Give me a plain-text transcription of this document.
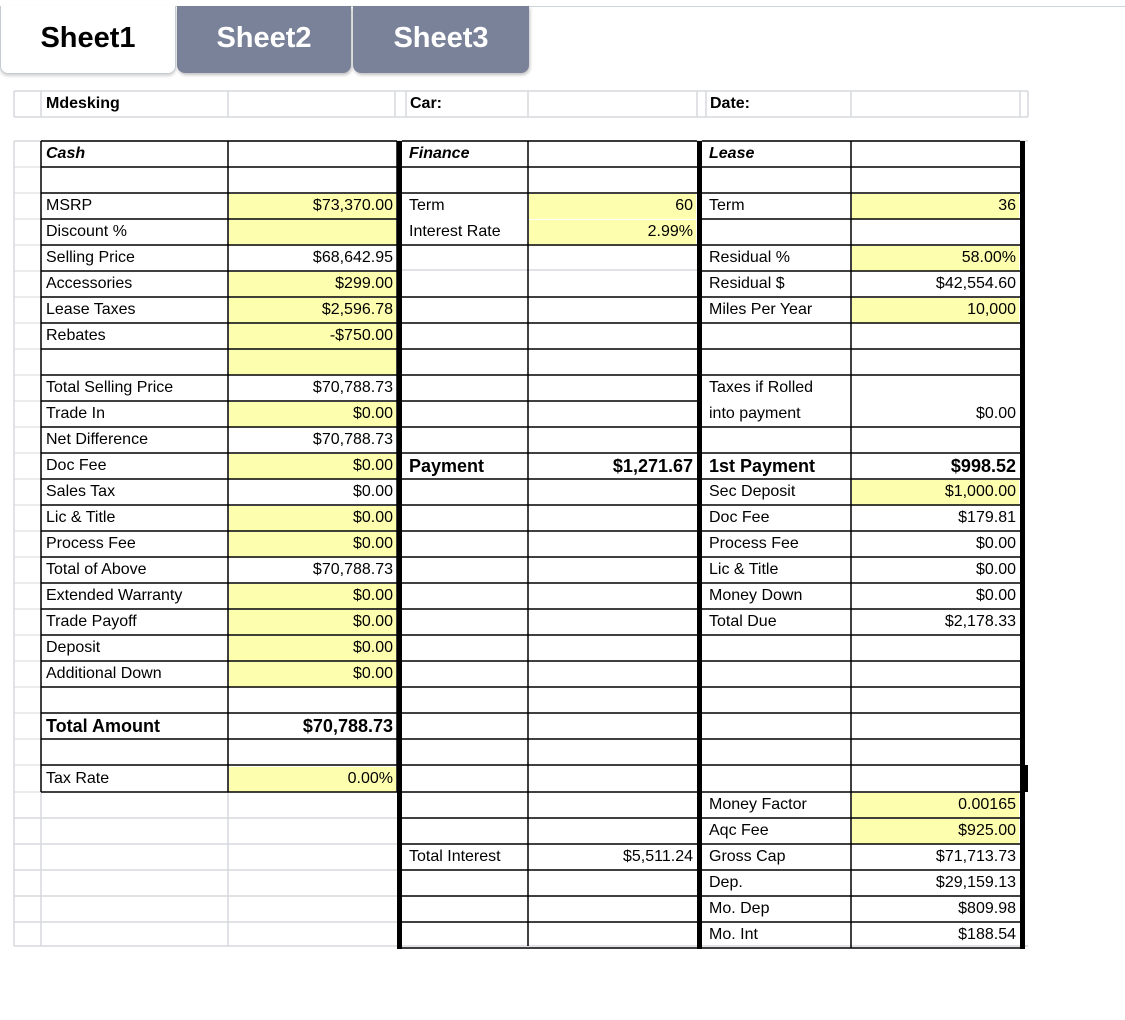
Sheet1	Sheet2	Sheet3
Mdesking	Car:	Date:
Cash
MSRP	$73,370.00
Discount %
Selling Price	$68,642.95
Accessories	$299.00
Lease Taxes	$2,596.78
Rebates	-$750.00
Total Selling Price	$70,788.73
Trade In	$0.00
Net Difference	$70,788.73
Doc Fee	$0.00
Sales Tax	$0.00
Lic & Title	$0.00
Process Fee	$0.00
Total of Above	$70,788.73
Extended Warranty	$0.00
Trade Payoff	$0.00
Deposit	$0.00
Additional Down	$0.00
Total Amount	$70,788.73
Tax Rate	0.00%
Finance
Term	60
Interest Rate	2.99%
Payment	$1,271.67
Total Interest	$5,511.24
Lease
Term	36
Residual %	58.00%
Residual $	$42,554.60
Miles Per Year	10,000
Taxes if Rolled
into payment	$0.00
1st Payment	$998.52
Sec Deposit	$1,000.00
Doc Fee	$179.81
Process Fee	$0.00
Lic & Title	$0.00
Money Down	$0.00
Total Due	$2,178.33
Money Factor	0.00165
Aqc Fee	$925.00
Gross Cap	$71,713.73
Dep.	$29,159.13
Mo. Dep	$809.98
Mo. Int	$188.54
